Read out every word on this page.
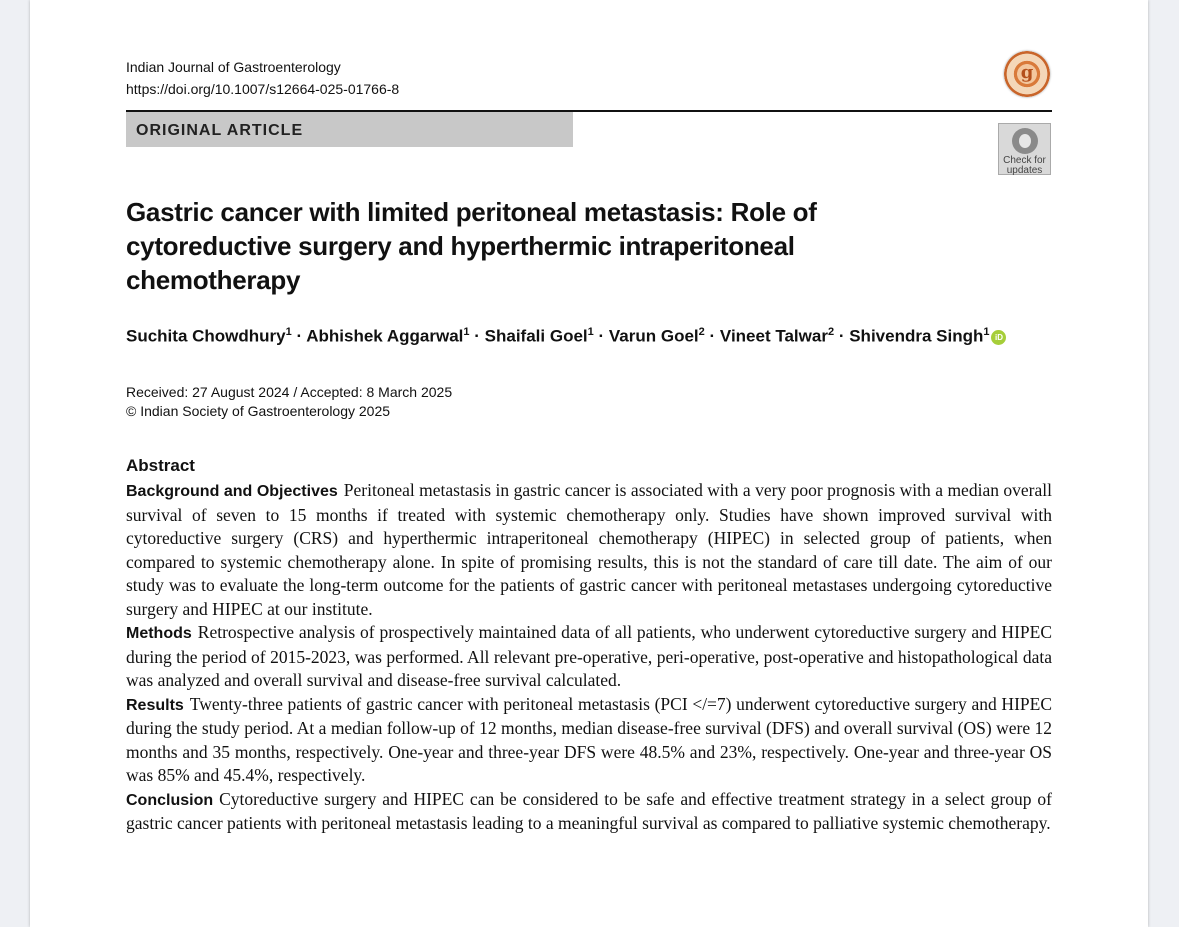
Indian Journal of Gastroenterology
https://doi.org/10.1007/s12664-025-01766-8
g
ORIGINAL ARTICLE
Check for
updates
Gastric cancer with limited peritoneal metastasis: Role of cytoreductive surgery and hyperthermic intraperitoneal chemotherapy
Suchita Chowdhury$^1$ · Abhishek Aggarwal$^1$ · Shaifali Goel$^1$ · Varun Goel$^2$ · Vineet Talwar$^2$ · Shivendra Singh$^1$ iD
Received: 27 August 2024 / Accepted: 8 March 2025
© Indian Society of Gastroenterology 2025
Abstract

Background and Objectives Peritoneal metastasis in gastric cancer is associated with a very poor prognosis with a median overall survival of seven to 15 months if treated with systemic chemotherapy only. Studies have shown improved survival with cytoreductive surgery (CRS) and hyperthermic intraperitoneal chemotherapy (HIPEC) in selected group of patients, when compared to systemic chemotherapy alone. In spite of promising results, this is not the standard of care till date. The aim of our study was to evaluate the long-term outcome for the patients of gastric cancer with peritoneal metastases undergoing cytoreductive surgery and HIPEC at our institute.

Methods Retrospective analysis of prospectively maintained data of all patients, who underwent cytoreductive surgery and HIPEC during the period of 2015-2023, was performed. All relevant pre-operative, peri-operative, post-operative and histopathological data was analyzed and overall survival and disease-free survival calculated.

Results Twenty-three patients of gastric cancer with peritoneal metastasis (PCI </=7) underwent cytoreductive surgery and HIPEC during the study period. At a median follow-up of 12 months, median disease-free survival (DFS) and overall survival (OS) were 12 months and 35 months, respectively. One-year and three-year DFS were 48.5% and 23%, respectively. One-year and three-year OS was 85% and 45.4%, respectively.

Conclusion Cytoreductive surgery and HIPEC can be considered to be safe and effective treatment strategy in a select group of gastric cancer patients with peritoneal metastasis leading to a meaningful survival as compared to palliative systemic chemotherapy.
